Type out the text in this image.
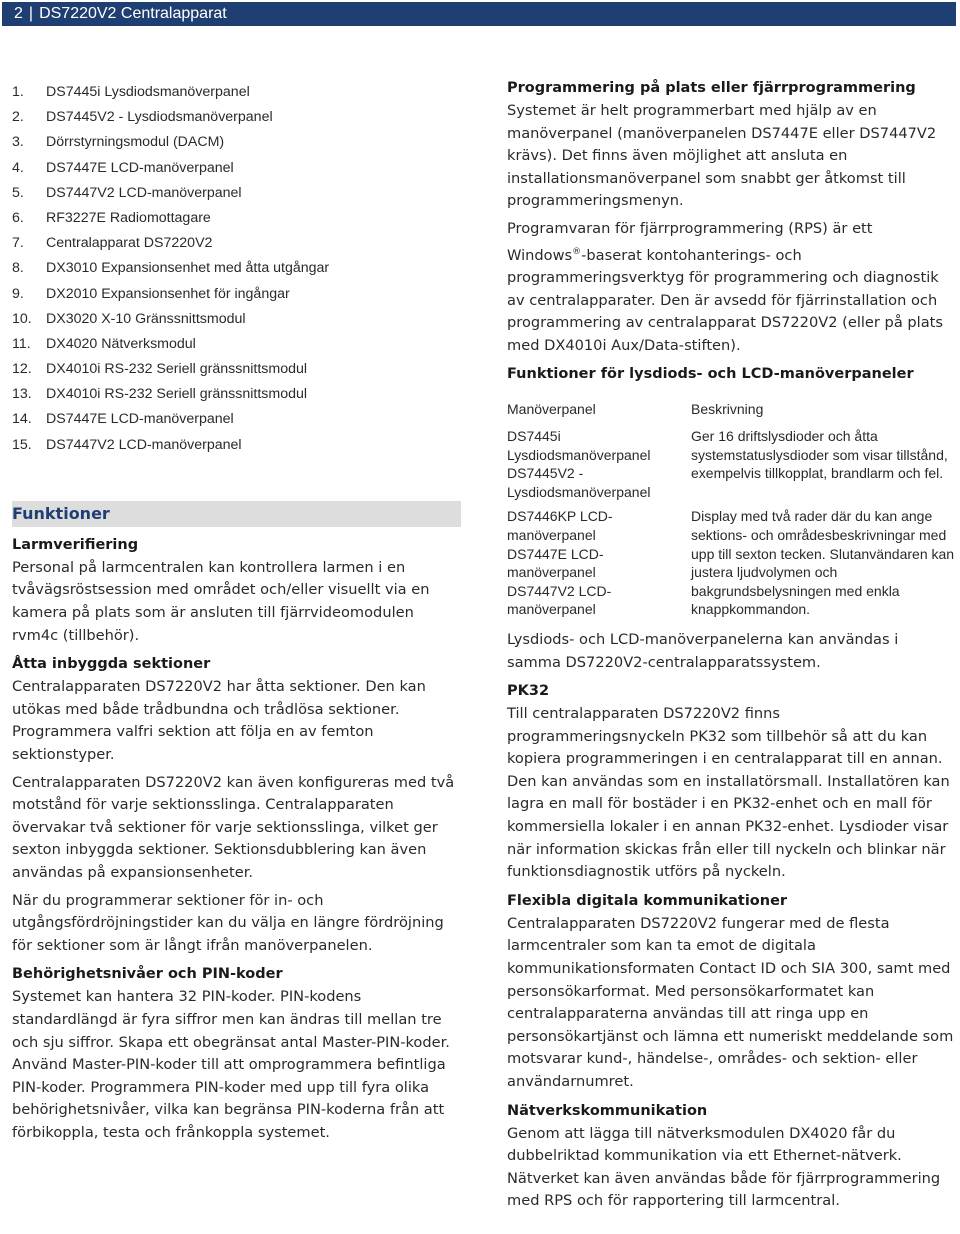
2 | DS7220V2 Centralapparat
1. DS7445i Lysdiodsmanöverpanel
2. DS7445V2 - Lysdiodsmanöverpanel
3. Dörrstyrningsmodul (DACM)
4. DS7447E LCD-manöverpanel
5. DS7447V2 LCD-manöverpanel
6. RF3227E Radiomottagare
7. Centralapparat DS7220V2
8. DX3010 Expansionsenhet med åtta utgångar
9. DX2010 Expansionsenhet för ingångar
10. DX3020 X-10 Gränssnittsmodul
11. DX4020 Nätverksmodul
12. DX4010i RS-232 Seriell gränssnittsmodul
13. DX4010i RS-232 Seriell gränssnittsmodul
14. DS7447E LCD-manöverpanel
15. DS7447V2 LCD-manöverpanel
Funktioner
Larmverifiering

Personal på larmcentralen kan kontrollera larmen i en tvåvägsröstsession med området och/eller visuellt via en kamera på plats som är ansluten till fjärrvideomodulen rvm4c (tillbehör).

Åtta inbyggda sektioner

Centralapparaten DS7220V2 har åtta sektioner. Den kan utökas med både trådbundna och trådlösa sektioner. Programmera valfri sektion att följa en av femton sektionstyper.

Centralapparaten DS7220V2 kan även konfigureras med två motstånd för varje sektionsslinga. Centralapparaten övervakar två sektioner för varje sektionsslinga, vilket ger sexton inbyggda sektioner. Sektionsdubblering kan även användas på expansionsenheter.

När du programmerar sektioner för in- och utgångsfördröjningstider kan du välja en längre fördröjning för sektioner som är långt ifrån manöverpanelen.

Behörighetsnivåer och PIN-koder

Systemet kan hantera 32 PIN-koder. PIN-kodens standardlängd är fyra siffror men kan ändras till mellan tre och sju siffror. Skapa ett obegränsat antal Master-PIN-koder. Använd Master-PIN-koder till att omprogrammera befintliga PIN-koder. Programmera PIN-koder med upp till fyra olika behörighetsnivåer, vilka kan begränsa PIN-koderna från att förbikoppla, testa och frånkoppla systemet.

Programmering på plats eller fjärrprogrammering

Systemet är helt programmerbart med hjälp av en manöverpanel (manöverpanelen DS7447E eller DS7447V2 krävs). Det finns även möjlighet att ansluta en installationsmanöverpanel som snabbt ger åtkomst till programmeringsmenyn.

Programvaran för fjärrprogrammering (RPS) är ett Windows®-baserat kontohanterings- och programmeringsverktyg för programmering och diagnostik av centralapparater. Den är avsedd för fjärrinstallation och programmering av centralapparat DS7220V2 (eller på plats med DX4010i Aux/Data-stiften).

Funktioner för lysdiods- och LCD-manöverpaneler
Manöverpanel	Beskrivning

DS7445i Lysdiodsmanöverpanel
DS7445V2 - Lysdiodsmanöverpanel	Ger 16 driftslysdioder och åtta systemstatuslysdioder som visar tillstånd, exempelvis tillkopplat, brandlarm och fel.

DS7446KP LCD-manöverpanel
DS7447E LCD-manöverpanel
DS7447V2 LCD-manöverpanel	Display med två rader där du kan ange sektions- och områdesbeskrivningar med upp till sexton tecken. Slutanvändaren kan justera ljudvolymen och bakgrundsbelysningen med enkla knappkommandon.

Lysdiods- och LCD-manöverpanelerna kan användas i samma DS7220V2-centralapparatssystem.

PK32

Till centralapparaten DS7220V2 finns programmeringsnyckeln PK32 som tillbehör så att du kan kopiera programmeringen i en centralapparat till en annan. Den kan användas som en installatörsmall. Installatören kan lagra en mall för bostäder i en PK32-enhet och en mall för kommersiella lokaler i en annan PK32-enhet. Lysdioder visar när information skickas från eller till nyckeln och blinkar när funktionsdiagnostik utförs på nyckeln.

Flexibla digitala kommunikationer

Centralapparaten DS7220V2 fungerar med de flesta larmcentraler som kan ta emot de digitala kommunikationsformaten Contact ID och SIA 300, samt med personsökarformat. Med personsökarformatet kan centralapparaterna användas till att ringa upp en personsökartjänst och lämna ett numeriskt meddelande som motsvarar kund-, händelse-, områdes- och sektion- eller användarnumret.

Nätverkskommunikation

Genom att lägga till nätverksmodulen DX4020 får du dubbelriktad kommunikation via ett Ethernet-nätverk. Nätverket kan även användas både för fjärrprogrammering med RPS och för rapportering till larmcentral.
